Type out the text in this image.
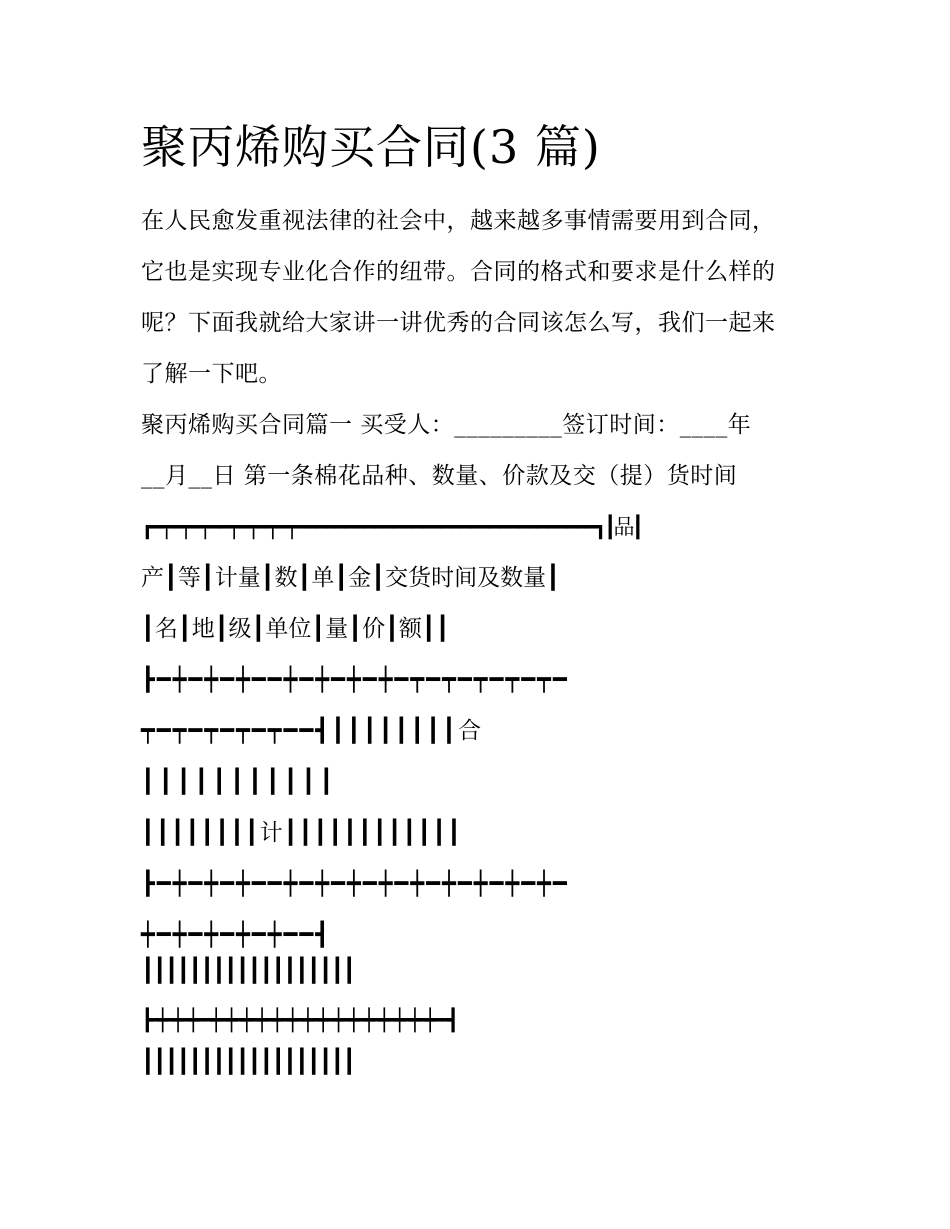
聚丙烯购买合同(3 篇)

在人民愈发重视法律的社会中，越来越多事情需要用到合同，

它也是实现专业化合作的纽带。合同的格式和要求是什么样的

呢？下面我就给大家讲一讲优秀的合同该怎么写，我们一起来

了解一下吧。

聚丙烯购买合同篇一 买受人：_________签订时间：____年

__月__日 第一条棉花品种、数量、价款及交（提）货时间

┏━┯━┯━┯━━┯━┯━┯━┯━━━━━━━━━━━━━━━━━━━━━━━━━━━━━━━┓┃品┃

产┃等┃计量┃数┃单┃金┃交货时间及数量┃

┃名┃地┃级┃单位┃量┃价┃额┃┃

┣━┿━┿━┿━━┿━┿━┿━┿━┯━┯━┯━┯━┯━

┯━┯━┯━┯━┯━━┫┃┃┃┃┃┃┃┃合

┃┃┃┃┃┃┃┃┃┃┃

┃┃┃┃┃┃┃┃计┃┃┃┃┃┃┃┃┃┃┃┃

┣━┿━┿━┿━━┿━┿━┿━┿━┿━┿━┿━┿━┿━

┿━┿━┿━┿━┿━━┫

┃┃┃┃┃┃┃┃┃┃┃┃┃┃┃┃┃┃

┣━┿━┿━┿━━┿━┿━┿━┿━┿━┿━┿━┿━┿━┿━┿━┿━┿━┿━┿━━┫

┃┃┃┃┃┃┃┃┃┃┃┃┃┃┃┃┃┃
